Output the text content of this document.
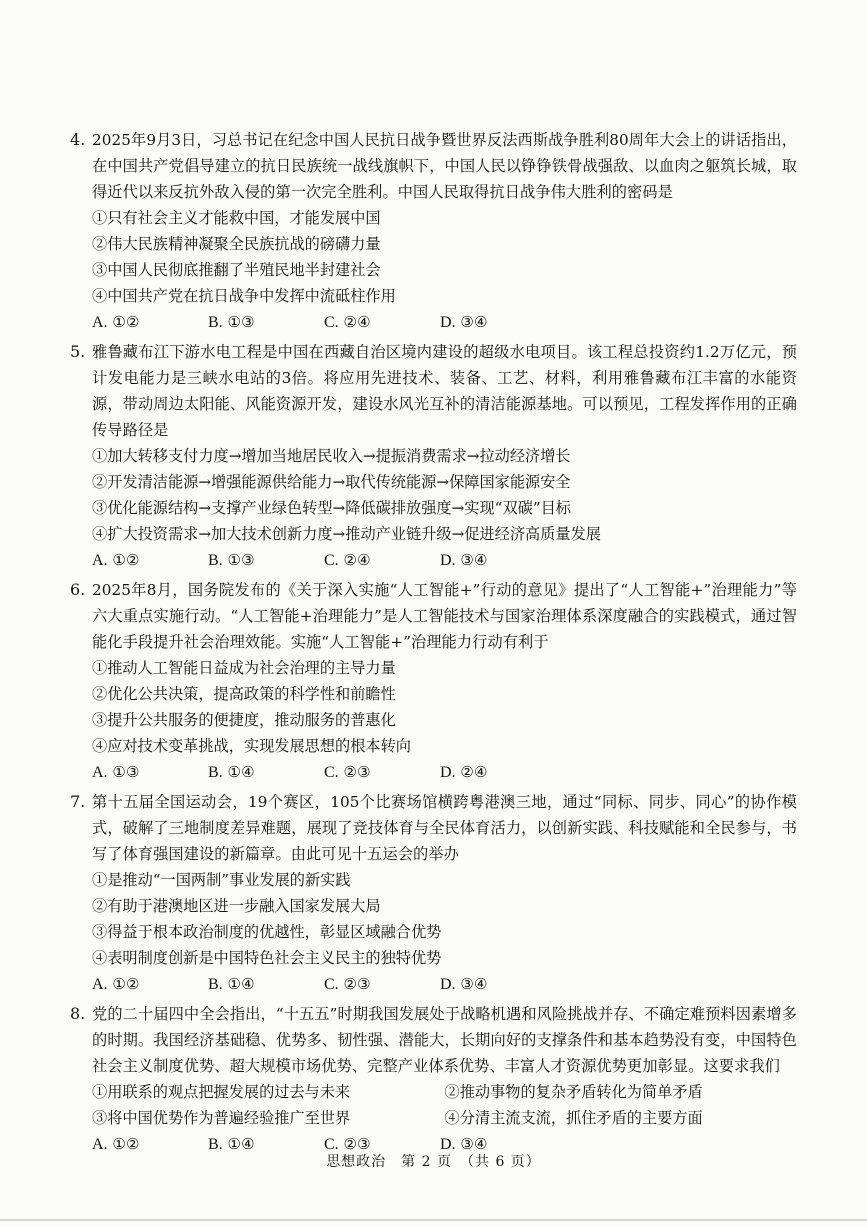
4. 2025年9月3日，习总书记在纪念中国人民抗日战争暨世界反法西斯战争胜利80周年大会上的讲话指出，在中国共产党倡导建立的抗日民族统一战线旗帜下，中国人民以铮铮铁骨战强敌、以血肉之躯筑长城，取得近代以来反抗外敌入侵的第一次完全胜利。中国人民取得抗日战争伟大胜利的密码是

①只有社会主义才能救中国，才能发展中国

②伟大民族精神凝聚全民族抗战的磅礴力量

③中国人民彻底推翻了半殖民地半封建社会

④中国共产党在抗日战争中发挥中流砥柱作用

A. ①②	B. ①③	C. ②④	D. ③④
5. 雅鲁藏布江下游水电工程是中国在西藏自治区境内建设的超级水电项目。该工程总投资约1.2万亿元，预计发电能力是三峡水电站的3倍。将应用先进技术、装备、工艺、材料，利用雅鲁藏布江丰富的水能资源，带动周边太阳能、风能资源开发，建设水风光互补的清洁能源基地。可以预见，工程发挥作用的正确传导路径是

①加大转移支付力度→增加当地居民收入→提振消费需求→拉动经济增长

②开发清洁能源→增强能源供给能力→取代传统能源→保障国家能源安全

③优化能源结构→支撑产业绿色转型→降低碳排放强度→实现“双碳”目标

④扩大投资需求→加大技术创新力度→推动产业链升级→促进经济高质量发展

A. ①②	B. ①③	C. ②④	D. ③④
6. 2025年8月，国务院发布的《关于深入实施“人工智能+”行动的意见》提出了“人工智能+”治理能力”等六大重点实施行动。“人工智能+治理能力”是人工智能技术与国家治理体系深度融合的实践模式，通过智能化手段提升社会治理效能。实施“人工智能+”治理能力行动有利于

①推动人工智能日益成为社会治理的主导力量

②优化公共决策，提高政策的科学性和前瞻性

③提升公共服务的便捷度，推动服务的普惠化

④应对技术变革挑战，实现发展思想的根本转向

A. ①③	B. ①④	C. ②③	D. ②④
7. 第十五届全国运动会，19个赛区，105个比赛场馆横跨粤港澳三地，通过“同标、同步、同心”的协作模式，破解了三地制度差异难题，展现了竞技体育与全民体育活力，以创新实践、科技赋能和全民参与，书写了体育强国建设的新篇章。由此可见十五运会的举办

①是推动“一国两制”事业发展的新实践

②有助于港澳地区进一步融入国家发展大局

③得益于根本政治制度的优越性，彰显区域融合优势

④表明制度创新是中国特色社会主义民主的独特优势

A. ①②	B. ①④	C. ②③	D. ③④
8. 党的二十届四中全会指出，“十五五”时期我国发展处于战略机遇和风险挑战并存、不确定难预料因素增多的时期。我国经济基础稳、优势多、韧性强、潜能大，长期向好的支撑条件和基本趋势没有变，中国特色社会主义制度优势、超大规模市场优势、完整产业体系优势、丰富人才资源优势更加彰显。这要求我们

①用联系的观点把握发展的过去与未来	②推动事物的复杂矛盾转化为简单矛盾

③将中国优势作为普遍经验推广至世界	④分清主流支流，抓住矛盾的主要方面

A. ①②	B. ①④	C. ②③	D. ③④
思想政治　第 2 页　（共 6 页）
